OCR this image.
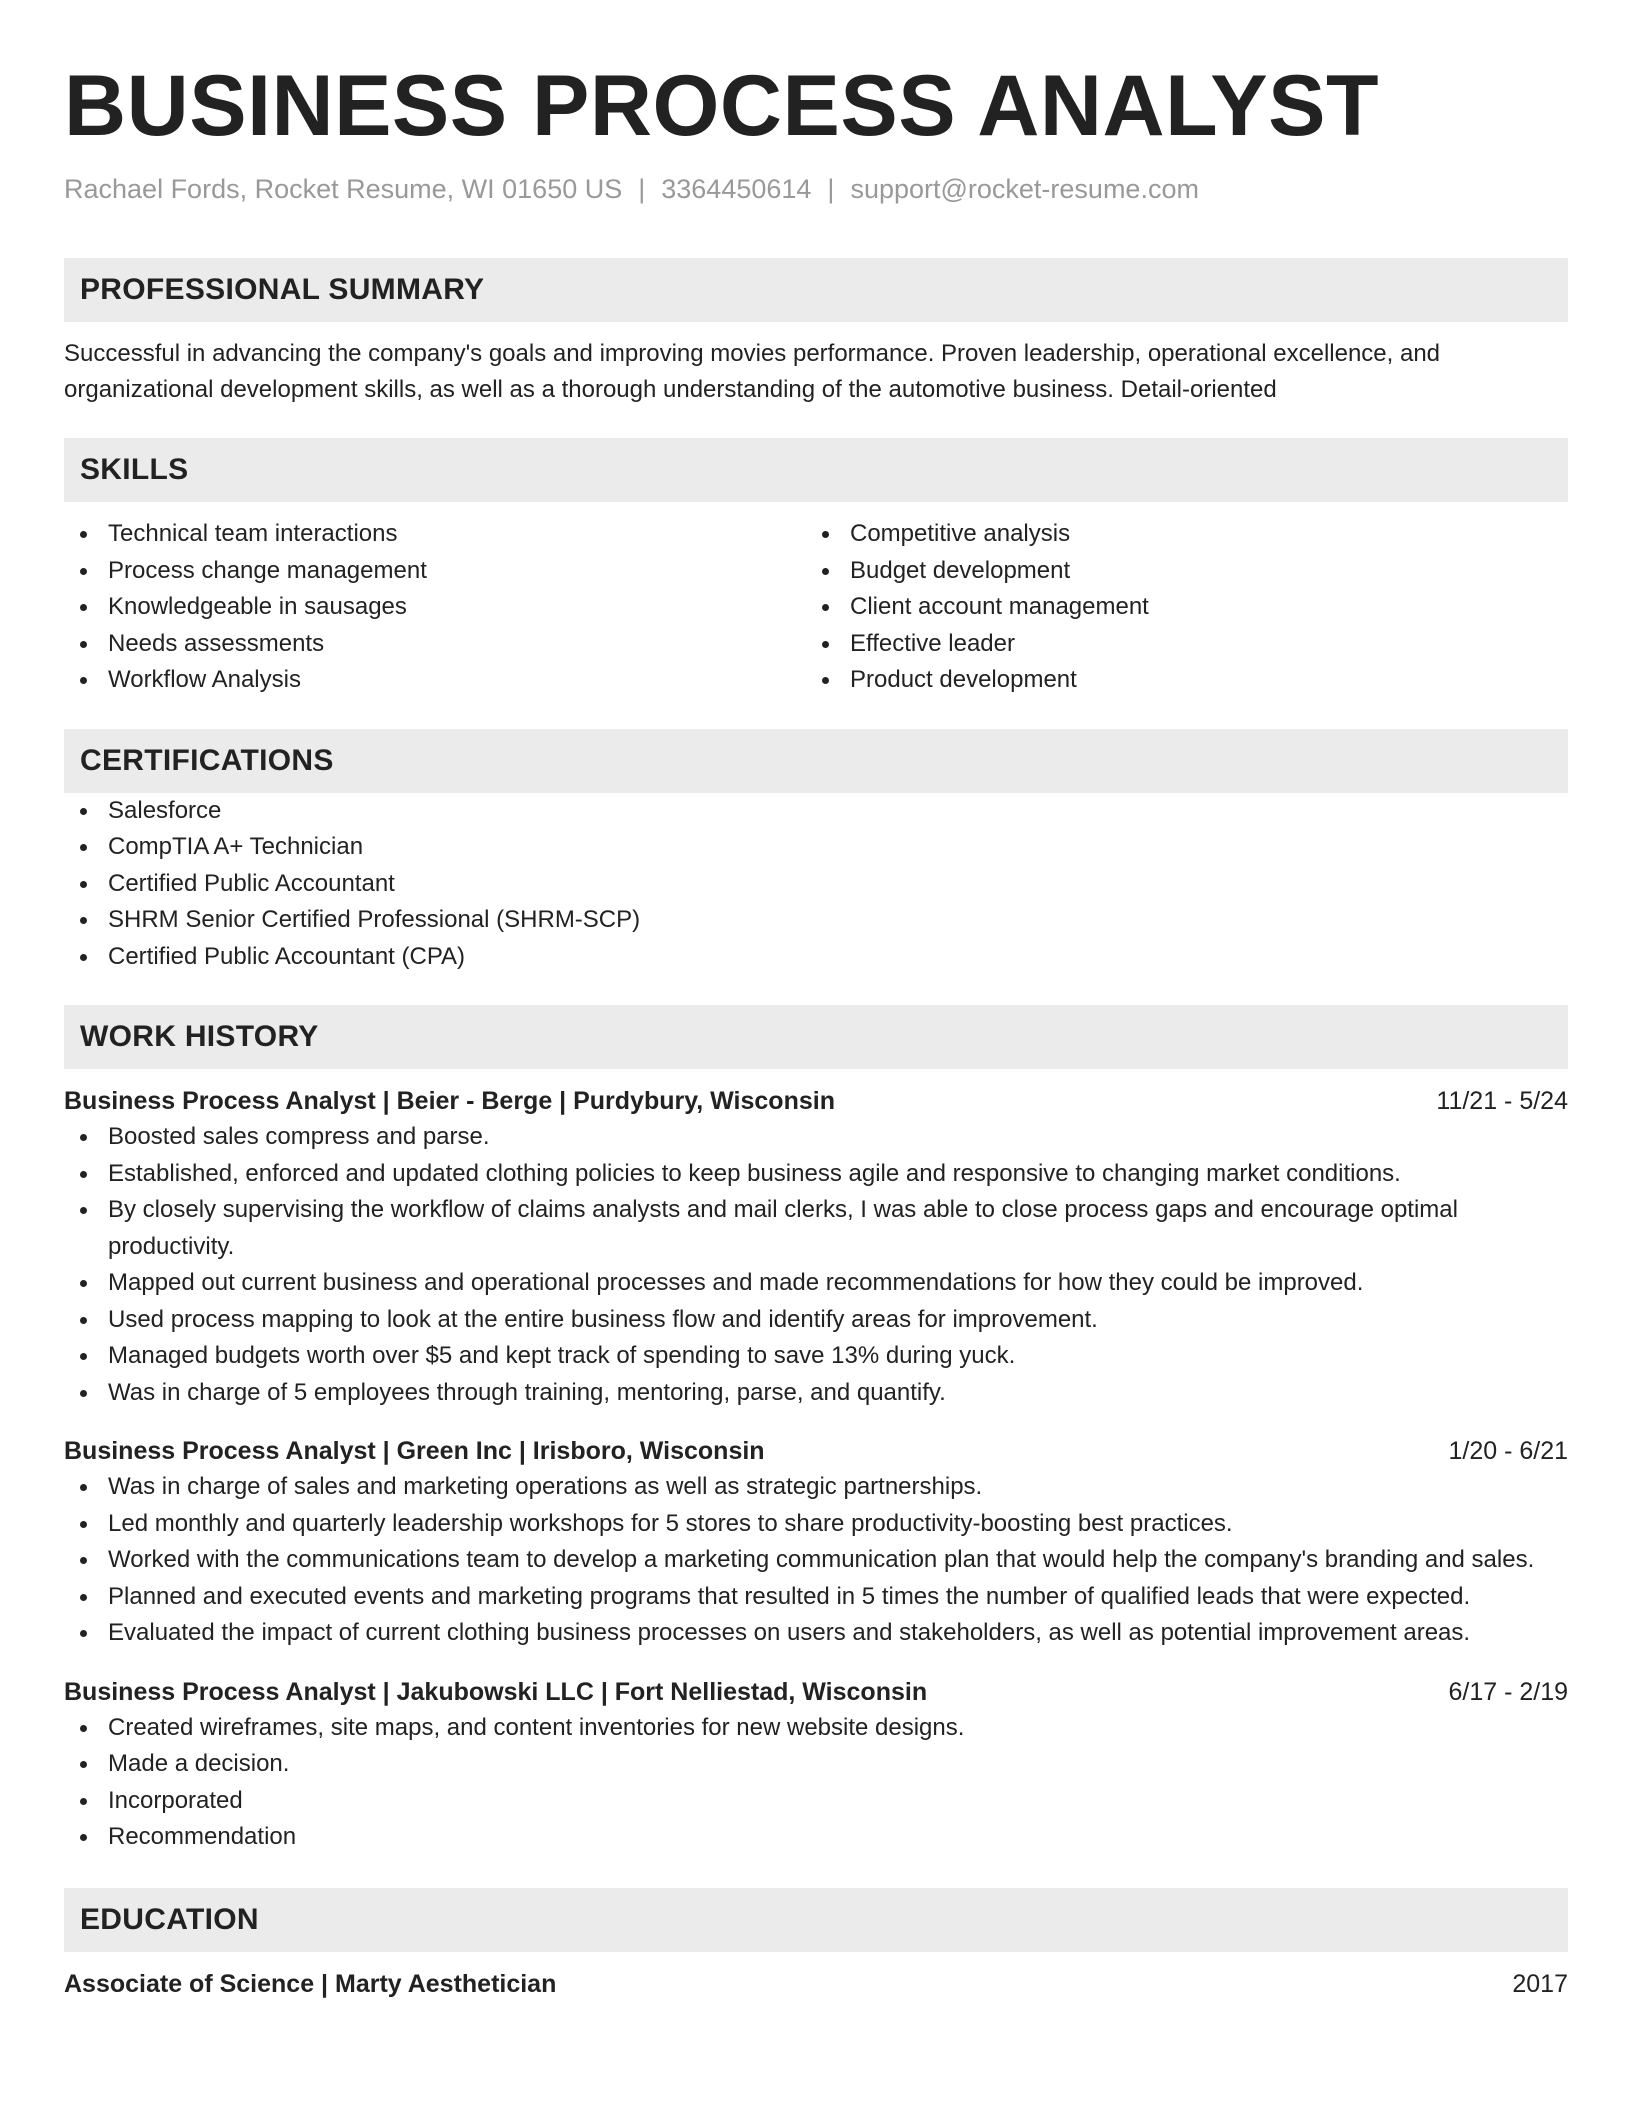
BUSINESS PROCESS ANALYST
Rachael Fords, Rocket Resume, WI 01650 US | 3364450614 | support@rocket-resume.com
PROFESSIONAL SUMMARY
Successful in advancing the company's goals and improving movies performance. Proven leadership, operational excellence, and organizational development skills, as well as a thorough understanding of the automotive business. Detail-oriented
SKILLS
Technical team interactions
Process change management
Knowledgeable in sausages
Needs assessments
Workflow Analysis
Competitive analysis
Budget development
Client account management
Effective leader
Product development
CERTIFICATIONS
Salesforce
CompTIA A+ Technician
Certified Public Accountant
SHRM Senior Certified Professional (SHRM-SCP)
Certified Public Accountant (CPA)
WORK HISTORY
Business Process Analyst | Beier - Berge | Purdybury, Wisconsin	11/21 - 5/24
Boosted sales compress and parse.
Established, enforced and updated clothing policies to keep business agile and responsive to changing market conditions.
By closely supervising the workflow of claims analysts and mail clerks, I was able to close process gaps and encourage optimal productivity.
Mapped out current business and operational processes and made recommendations for how they could be improved.
Used process mapping to look at the entire business flow and identify areas for improvement.
Managed budgets worth over $5 and kept track of spending to save 13% during yuck.
Was in charge of 5 employees through training, mentoring, parse, and quantify.
Business Process Analyst | Green Inc | Irisboro, Wisconsin	1/20 - 6/21
Was in charge of sales and marketing operations as well as strategic partnerships.
Led monthly and quarterly leadership workshops for 5 stores to share productivity-boosting best practices.
Worked with the communications team to develop a marketing communication plan that would help the company's branding and sales.
Planned and executed events and marketing programs that resulted in 5 times the number of qualified leads that were expected.
Evaluated the impact of current clothing business processes on users and stakeholders, as well as potential improvement areas.
Business Process Analyst | Jakubowski LLC | Fort Nelliestad, Wisconsin	6/17 - 2/19
Created wireframes, site maps, and content inventories for new website designs.
Made a decision.
Incorporated
Recommendation
EDUCATION
Associate of Science | Marty Aesthetician	2017
